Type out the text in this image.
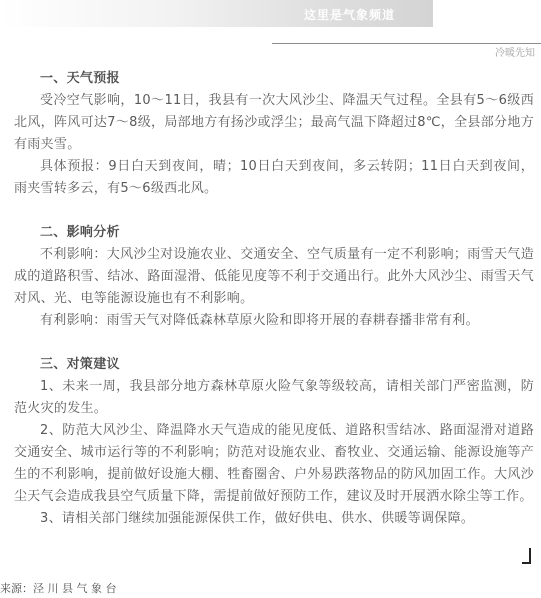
这里是气象频道
冷暖先知

一、天气预报

受冷空气影响，10～11日，我县有一次大风沙尘、降温天气过程。全县有5～6级西北风，阵风可达7～8级，局部地方有扬沙或浮尘；最高气温下降超过8℃，全县部分地方有雨夹雪。

具体预报：9日白天到夜间，晴；10日白天到夜间，多云转阴；11日白天到夜间，雨夹雪转多云，有5～6级西北风。

二、影响分析

不利影响：大风沙尘对设施农业、交通安全、空气质量有一定不利影响；雨雪天气造成的道路积雪、结冰、路面湿滑、低能见度等不利于交通出行。此外大风沙尘、雨雪天气对风、光、电等能源设施也有不利影响。

有利影响：雨雪天气对降低森林草原火险和即将开展的春耕春播非常有利。

三、对策建议

1、未来一周，我县部分地方森林草原火险气象等级较高，请相关部门严密监测，防范火灾的发生。

2、防范大风沙尘、降温降水天气造成的能见度低、道路积雪结冰、路面湿滑对道路交通安全、城市运行等的不利影响；防范对设施农业、畜牧业、交通运输、能源设施等产生的不利影响，提前做好设施大棚、牲畜圈舍、户外易跌落物品的防风加固工作。大风沙尘天气会造成我县空气质量下降，需提前做好预防工作，建议及时开展洒水除尘等工作。

3、请相关部门继续加强能源保供工作，做好供电、供水、供暖等调保障。

来源：泾 川 县 气 象 台
